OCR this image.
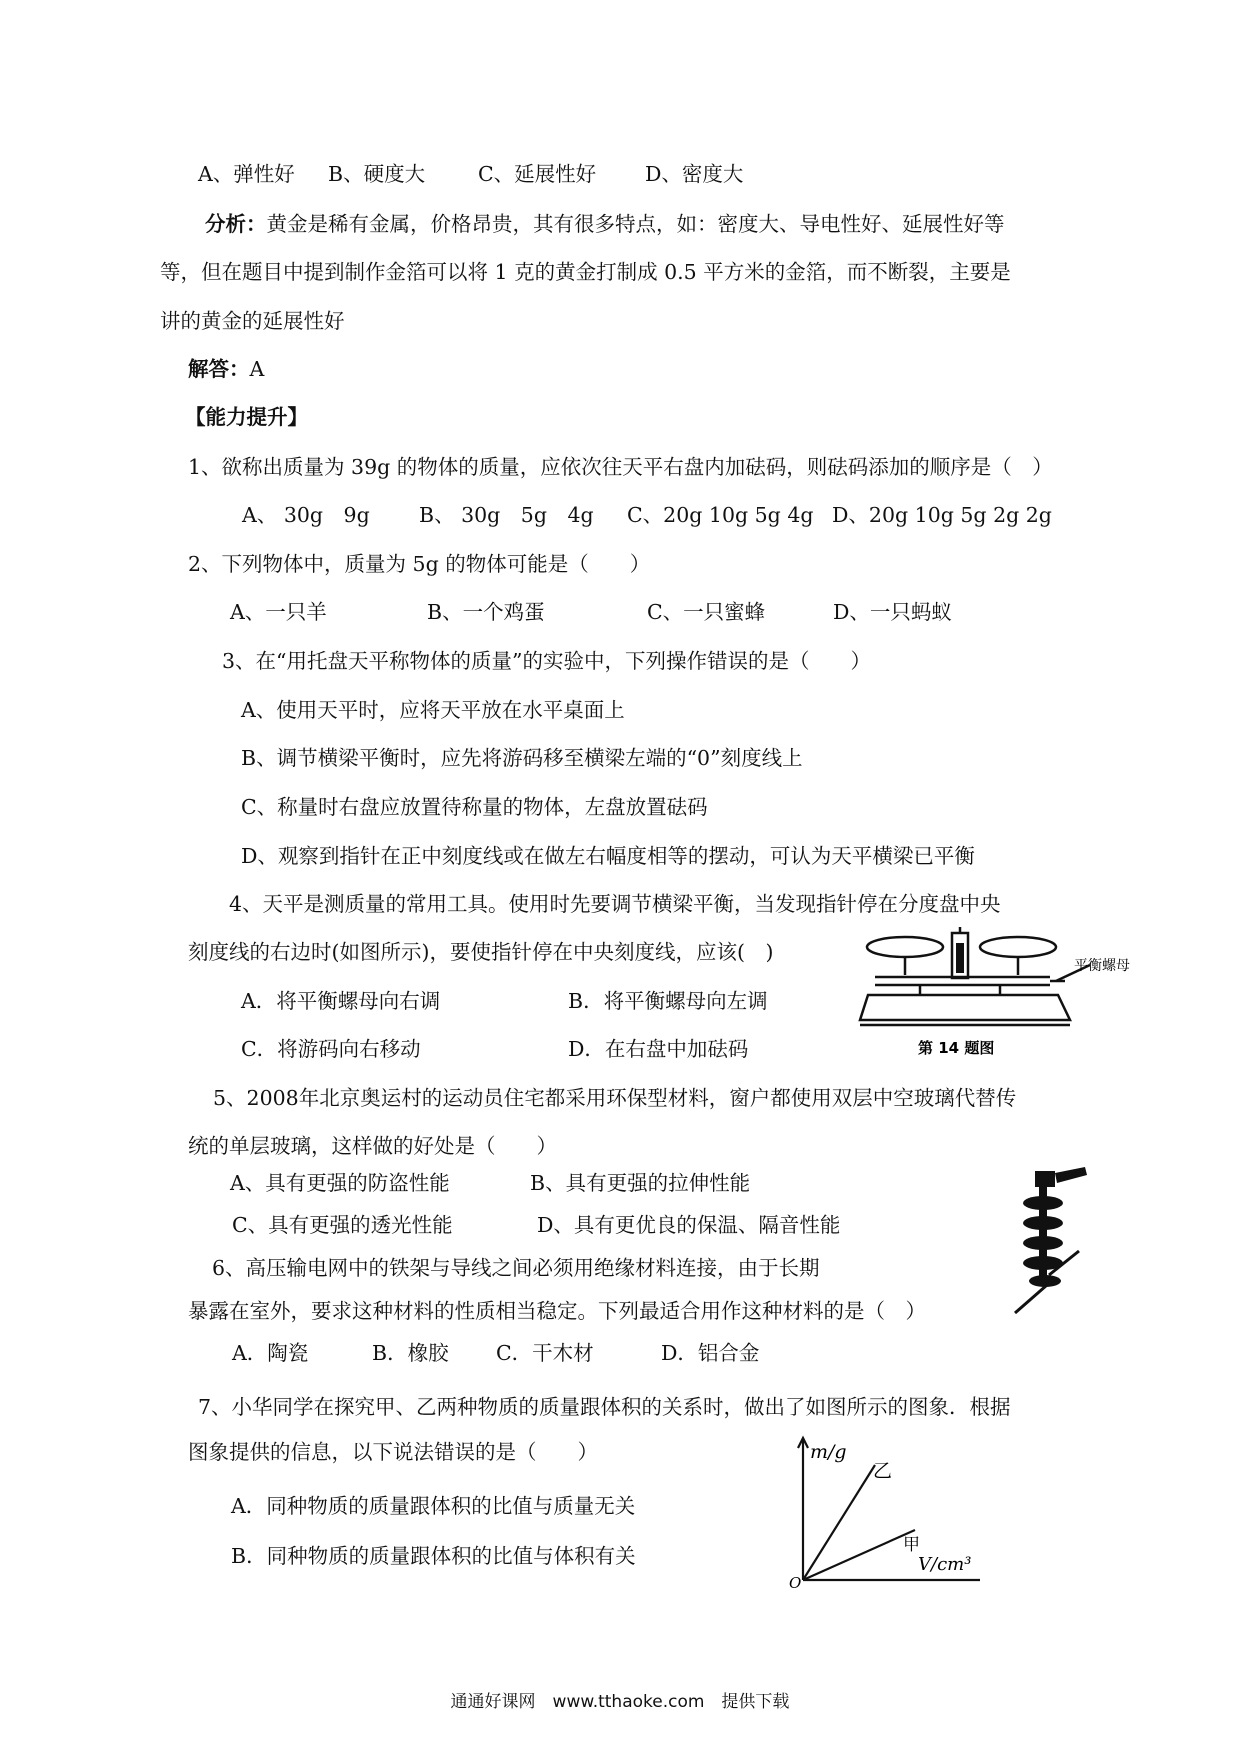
A、弹性好 B、硬度大	C、延展性好 D、密度大
分析：黄金是稀有金属，价格昂贵，其有很多特点，如：密度大、导电性好、延展性好等
等，但在题目中提到制作金箔可以将 1 克的黄金打制成 0.5 平方米的金箔，而不断裂，主要是
讲的黄金的延展性好
解答：A
【能力提升】
1、欲称出质量为 39g 的物体的质量，应依次往天平右盘内加砝码，则砝码添加的顺序是（　）
A、 30g　9g B、 30g　5g　4g C、20g 10g 5g 4g D、20g 10g 5g 2g 2g
2、下列物体中，质量为 5g 的物体可能是（　　）
A、一只羊	B、一个鸡蛋	C、一只蜜蜂	D、一只蚂蚁
3、在“用托盘天平称物体的质量”的实验中，下列操作错误的是（　　）
A、使用天平时，应将天平放在水平桌面上
B、调节横梁平衡时，应先将游码移至横梁左端的“0”刻度线上
C、称量时右盘应放置待称量的物体，左盘放置砝码
D、观察到指针在正中刻度线或在做左右幅度相等的摆动，可认为天平横梁已平衡
4、天平是测质量的常用工具。使用时先要调节横梁平衡，当发现指针停在分度盘中央
刻度线的右边时(如图所示)，要使指针停在中央刻度线，应该(　)
A．将平衡螺母向右调	B．将平衡螺母向左调
C．将游码向右移动	D．在右盘中加砝码
平衡螺母
第 14 题图
5、2008年北京奥运村的运动员住宅都采用环保型材料，窗户都使用双层中空玻璃代替传
统的单层玻璃，这样做的好处是（　　）
A、具有更强的防盗性能	B、具有更强的拉伸性能
C、具有更强的透光性能	D、具有更优良的保温、隔音性能
6、高压输电网中的铁架与导线之间必须用绝缘材料连接，由于长期
暴露在室外，要求这种材料的性质相当稳定。下列最适合用作这种材料的是（　）
A．陶瓷	B．橡胶 C．干木材	D．铝合金
7、小华同学在探究甲、乙两种物质的质量跟体积的关系时，做出了如图所示的图象．根据
图象提供的信息，以下说法错误的是（　　）
A．同种物质的质量跟体积的比值与质量无关
B．同种物质的质量跟体积的比值与体积有关
m/g
乙
甲
V/cm³
O
通通好课网　www.tthaoke.com　提供下载
